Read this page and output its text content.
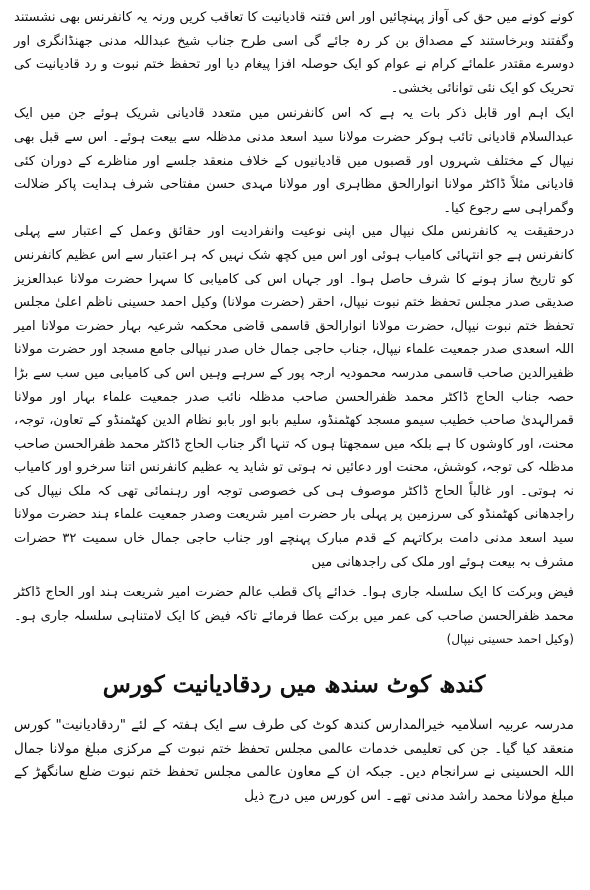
کونے کونے میں حق کی آواز پہنچائیں اور اس فتنہ قادیانیت کا تعاقب کریں ورنہ یہ کانفرنس بھی نشستند وگفتند وبرخاستند کے مصداق بن کر رہ جائے گی اسی طرح جناب شیخ عبداللہ مدنی جھنڈانگری اور دوسرے مقتدر علمائے کرام نے عوام کو ایک حوصلہ افزا پیغام دیا اور تحفظ ختم نبوت و رد قادیانیت کی تحریک کو ایک نئی توانائی بخشی۔

ایک اہم اور قابل ذکر بات یہ ہے کہ اس کانفرنس میں متعدد قادیانی شریک ہوئے جن میں ایک عبدالسلام قادیانی تائب ہوکر حضرت مولانا سید اسعد مدنی مدظلہ سے بیعت ہوئے۔ اس سے قبل بھی نیپال کے مختلف شہروں اور قصبوں میں قادیانیوں کے خلاف منعقد جلسے اور مناظرے کے دوران کئی قادیانی مثلاً ڈاکٹر مولانا انوارالحق مظاہری اور مولانا مہدی حسن مفتاحی شرف ہدایت پاکر ضلالت وگمراہی سے رجوع کیا۔

درحقیقت یہ کانفرنس ملک نیپال میں اپنی نوعیت وانفرادیت اور حقائق وعمل کے اعتبار سے پہلی کانفرنس ہے جو انتہائی کامیاب ہوئی اور اس میں کچھ شک نہیں کہ ہر اعتبار سے اس عظیم کانفرنس کو تاریخ ساز ہونے کا شرف حاصل ہوا۔ اور جہاں اس کی کامیابی کا سہرا حضرت مولانا عبدالعزیز صدیقی صدر مجلس تحفظ ختم نبوت نیپال، احقر (حضرت مولانا) وکیل احمد حسینی ناظم اعلیٰ مجلس تحفظ ختم نبوت نیپال، حضرت مولانا انوارالحق قاسمی قاضی محکمہ شرعیہ بہار حضرت مولانا امیر اللہ اسعدی صدر جمعیت علماء نیپال، جناب حاجی جمال خاں صدر نیپالی جامع مسجد اور حضرت مولانا ظفیرالدین صاحب قاسمی مدرسہ محمودیہ ارجہ پور کے سرہے وہیں اس کی کامیابی میں سب سے بڑا حصہ جناب الحاج ڈاکٹر محمد ظفرالحسن صاحب مدظلہ نائب صدر جمعیت علماء بہار اور مولانا قمرالہدیٰ صاحب خطیب سیمو مسجد کھٹمنڈو، سلیم بابو اور بابو نظام الدین کھٹمنڈو کے تعاون، توجہ، محنت، اور کاوشوں کا ہے بلکہ میں سمجھتا ہوں کہ تنہا اگر جناب الحاج ڈاکٹر محمد ظفرالحسن صاحب مدظلہ کی توجہ، کوشش، محنت اور دعائیں نہ ہوتی تو شاید یہ عظیم کانفرنس اتنا سرخرو اور کامیاب نہ ہوتی۔ اور غالباً الحاج ڈاکٹر موصوف ہی کی خصوصی توجہ اور رہنمائی تھی کہ ملک نیپال کی راجدھانی کھٹمنڈو کی سرزمین پر پہلی بار حضرت امیر شریعت وصدر جمعیت علماء ہند حضرت مولانا سید اسعد مدنی دامت برکاتہم کے قدم مبارک پہنچے اور جناب حاجی جمال خاں سمیت ۳۲ حضرات مشرف بہ بیعت ہوئے اور ملک کی راجدھانی میں

فیض وبرکت کا ایک سلسلہ جاری ہوا۔ خدائے پاک قطب عالم حضرت امیر شریعت ہند اور الحاج ڈاکٹر محمد ظفرالحسن صاحب کی عمر میں برکت عطا فرمائے تاکہ فیض کا ایک لامتناہی سلسلہ جاری ہو۔ (وکیل احمد حسینی نیپال)

کندھ کوٹ سندھ میں ردقادیانیت کورس

مدرسہ عربیہ اسلامیہ خیرالمدارس کندھ کوٹ کی طرف سے ایک ہفتہ کے لئے "ردقادیانیت" کورس منعقد کیا گیا۔ جن کی تعلیمی خدمات عالمی مجلس تحفظ ختم نبوت کے مرکزی مبلغ مولانا جمال اللہ الحسینی نے سرانجام دیں۔ جبکہ ان کے معاون عالمی مجلس تحفظ ختم نبوت ضلع سانگھڑ کے مبلغ مولانا محمد راشد مدنی تھے۔ اس کورس میں درج ذیل
